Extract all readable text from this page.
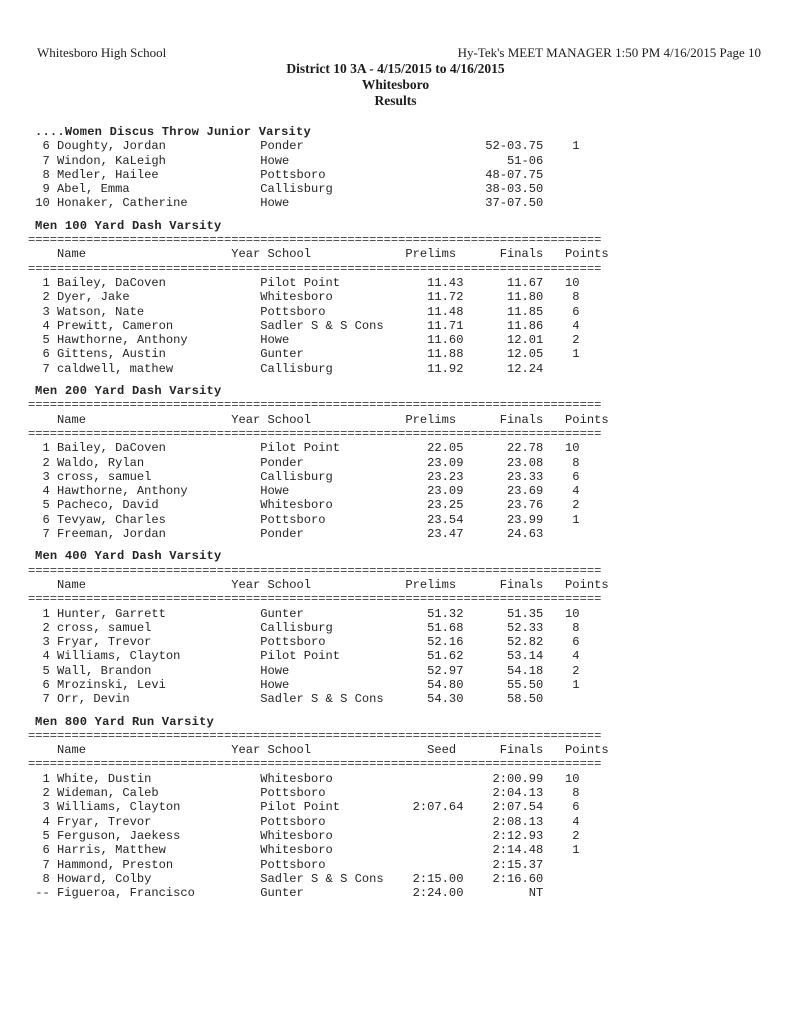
Whitesboro High School	Hy-Tek's MEET MANAGER 1:50 PM 4/16/2015 Page 10
District 10 3A - 4/15/2015 to 4/16/2015
Whitesboro
Results
....Women Discus Throw Junior Varsity
6 Doughty, Jordan             Ponder                         52-03.75    1
7 Windon, KaLeigh             Howe                              51-06
8 Medler, Hailee              Pottsboro                      48-07.75
9 Abel, Emma                  Callisburg                     38-03.50
10 Honaker, Catherine          Howe                           37-07.50
Men 100 Yard Dash Varsity
===============================================================================
Name                    Year School             Prelims      Finals   Points
===============================================================================
1 Bailey, DaCoven             Pilot Point            11.43      11.67   10
2 Dyer, Jake                  Whitesboro             11.72      11.80    8
3 Watson, Nate                Pottsboro              11.48      11.85    6
4 Prewitt, Cameron            Sadler S & S Cons      11.71      11.86    4
5 Hawthorne, Anthony          Howe                   11.60      12.01    2
6 Gittens, Austin             Gunter                 11.88      12.05    1
7 caldwell, mathew            Callisburg             11.92      12.24
Men 200 Yard Dash Varsity
===============================================================================
Name                    Year School             Prelims      Finals   Points
===============================================================================
1 Bailey, DaCoven             Pilot Point            22.05      22.78   10
2 Waldo, Rylan                Ponder                 23.09      23.08    8
3 cross, samuel               Callisburg             23.23      23.33    6
4 Hawthorne, Anthony          Howe                   23.09      23.69    4
5 Pacheco, David              Whitesboro             23.25      23.76    2
6 Tevyaw, Charles             Pottsboro              23.54      23.99    1
7 Freeman, Jordan             Ponder                 23.47      24.63
Men 400 Yard Dash Varsity
===============================================================================
Name                    Year School             Prelims      Finals   Points
===============================================================================
1 Hunter, Garrett             Gunter                 51.32      51.35   10
2 cross, samuel               Callisburg             51.68      52.33    8
3 Fryar, Trevor               Pottsboro              52.16      52.82    6
4 Williams, Clayton           Pilot Point            51.62      53.14    4
5 Wall, Brandon               Howe                   52.97      54.18    2
6 Mrozinski, Levi             Howe                   54.80      55.50    1
7 Orr, Devin                  Sadler S & S Cons      54.30      58.50
Men 800 Yard Run Varsity
===============================================================================
Name                    Year School                Seed      Finals   Points
===============================================================================
1 White, Dustin               Whitesboro                      2:00.99   10
2 Wideman, Caleb              Pottsboro                       2:04.13    8
3 Williams, Clayton           Pilot Point          2:07.64    2:07.54    6
4 Fryar, Trevor               Pottsboro                       2:08.13    4
5 Ferguson, Jaekess           Whitesboro                      2:12.93    2
6 Harris, Matthew             Whitesboro                      2:14.48    1
7 Hammond, Preston            Pottsboro                       2:15.37
8 Howard, Colby               Sadler S & S Cons    2:15.00    2:16.60
-- Figueroa, Francisco         Gunter               2:24.00         NT
